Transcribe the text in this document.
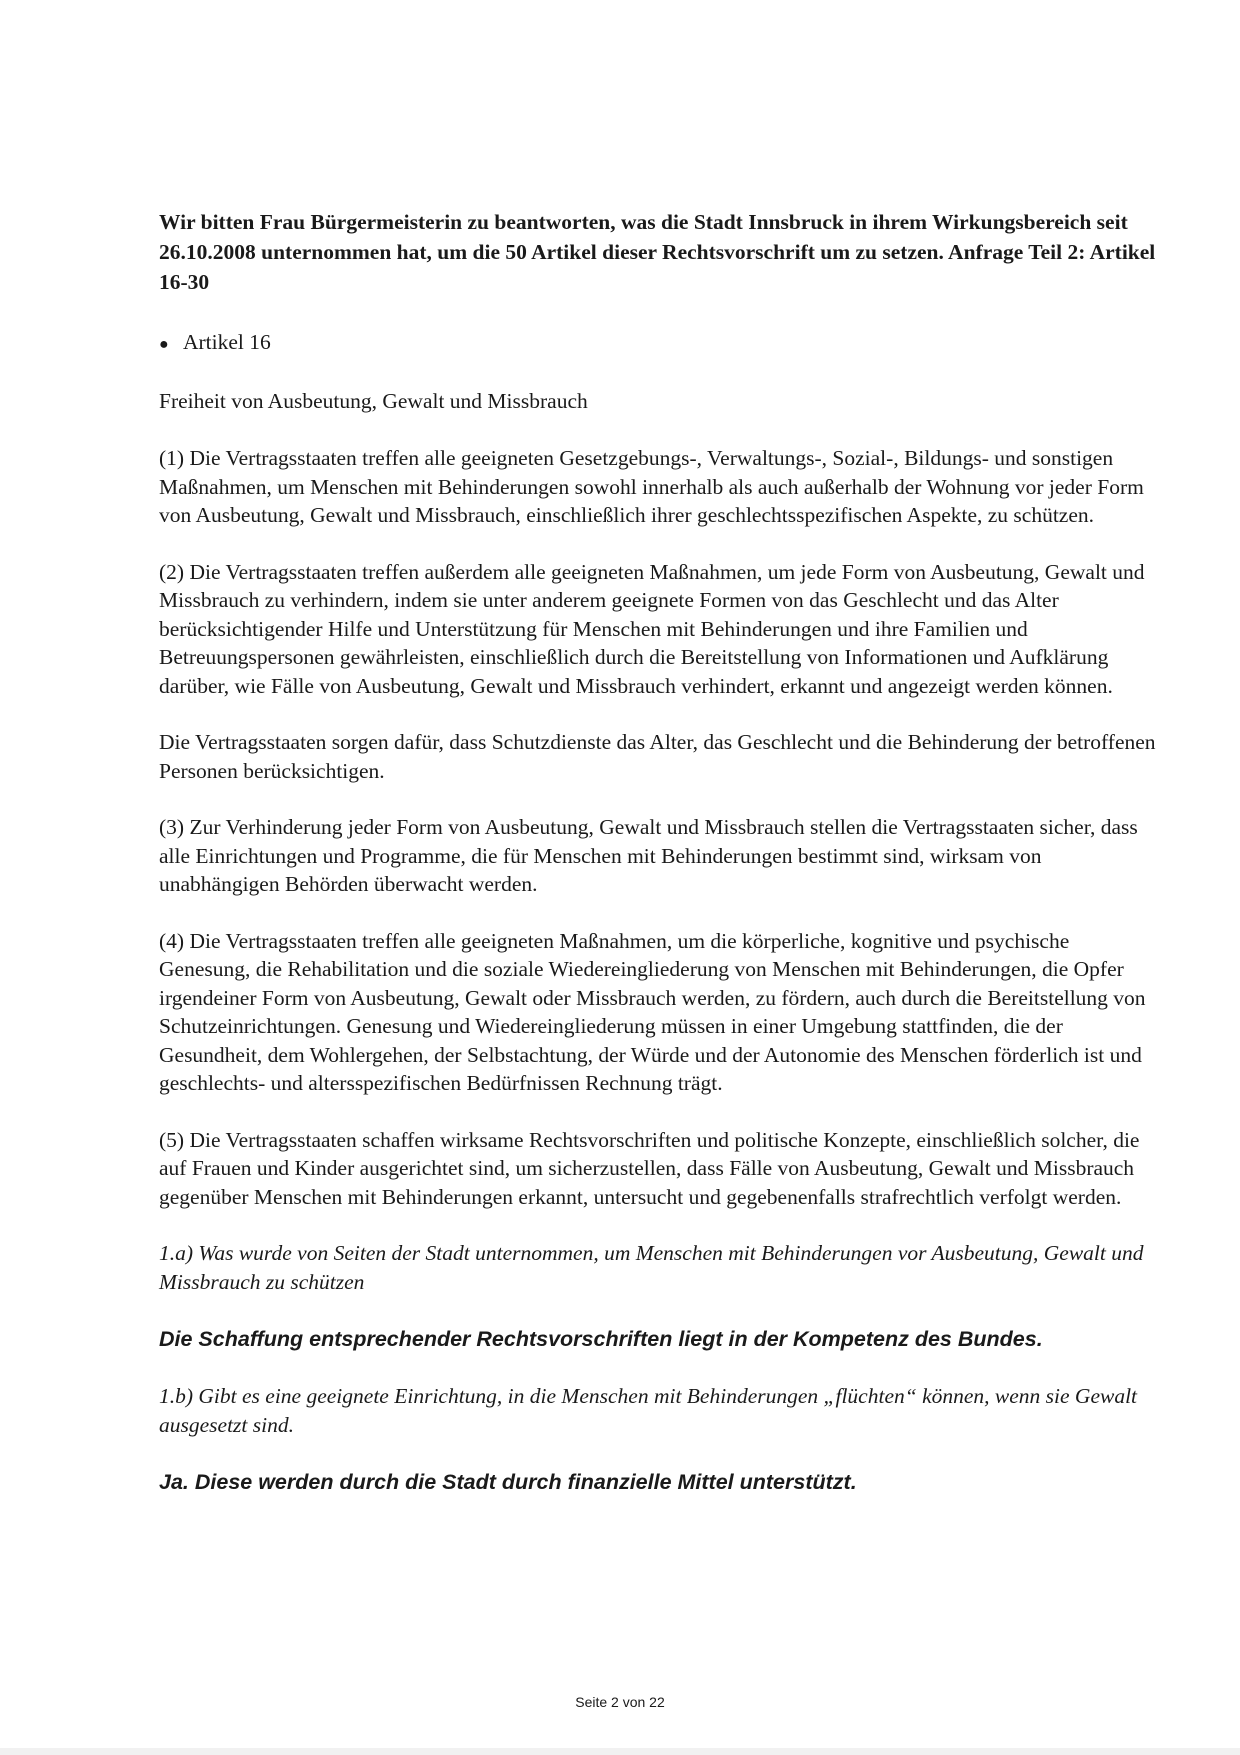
Wir bitten Frau Bürgermeisterin zu beantworten, was die Stadt Innsbruck in ihrem Wirkungsbereich seit 26.10.2008 unternommen hat, um die 50 Artikel dieser Rechtsvorschrift um zu setzen. Anfrage Teil 2: Artikel 16-30

● Artikel 16
Freiheit von Ausbeutung, Gewalt und Missbrauch

(1) Die Vertragsstaaten treffen alle geeigneten Gesetzgebungs-, Verwaltungs-, Sozial-, Bildungs- und sonstigen Maßnahmen, um Menschen mit Behinderungen sowohl innerhalb als auch außerhalb der Wohnung vor jeder Form von Ausbeutung, Gewalt und Missbrauch, einschließlich ihrer geschlechtsspezifischen Aspekte, zu schützen.

(2) Die Vertragsstaaten treffen außerdem alle geeigneten Maßnahmen, um jede Form von Ausbeutung, Gewalt und Missbrauch zu verhindern, indem sie unter anderem geeignete Formen von das Geschlecht und das Alter berücksichtigender Hilfe und Unterstützung für Menschen mit Behinderungen und ihre Familien und Betreuungspersonen gewährleisten, einschließlich durch die Bereitstellung von Informationen und Aufklärung darüber, wie Fälle von Ausbeutung, Gewalt und Missbrauch verhindert, erkannt und angezeigt werden können.

Die Vertragsstaaten sorgen dafür, dass Schutzdienste das Alter, das Geschlecht und die Behinderung der betroffenen Personen berücksichtigen.

(3) Zur Verhinderung jeder Form von Ausbeutung, Gewalt und Missbrauch stellen die Vertragsstaaten sicher, dass alle Einrichtungen und Programme, die für Menschen mit Behinderungen bestimmt sind, wirksam von unabhängigen Behörden überwacht werden.

(4) Die Vertragsstaaten treffen alle geeigneten Maßnahmen, um die körperliche, kognitive und psychische Genesung, die Rehabilitation und die soziale Wiedereingliederung von Menschen mit Behinderungen, die Opfer irgendeiner Form von Ausbeutung, Gewalt oder Missbrauch werden, zu fördern, auch durch die Bereitstellung von Schutzeinrichtungen. Genesung und Wiedereingliederung müssen in einer Umgebung stattfinden, die der Gesundheit, dem Wohlergehen, der Selbstachtung, der Würde und der Autonomie des Menschen förderlich ist und geschlechts- und altersspezifischen Bedürfnissen Rechnung trägt.

(5) Die Vertragsstaaten schaffen wirksame Rechtsvorschriften und politische Konzepte, einschließlich solcher, die auf Frauen und Kinder ausgerichtet sind, um sicherzustellen, dass Fälle von Ausbeutung, Gewalt und Missbrauch gegenüber Menschen mit Behinderungen erkannt, untersucht und gegebenenfalls strafrechtlich verfolgt werden.

1.a) Was wurde von Seiten der Stadt unternommen, um Menschen mit Behinderungen vor Ausbeutung, Gewalt und Missbrauch zu schützen

Die Schaffung entsprechender Rechtsvorschriften liegt in der Kompetenz des Bundes.

1.b) Gibt es eine geeignete Einrichtung, in die Menschen mit Behinderungen „flüchten“ können, wenn sie Gewalt ausgesetzt sind.

Ja. Diese werden durch die Stadt durch finanzielle Mittel unterstützt.

Seite 2 von 22
